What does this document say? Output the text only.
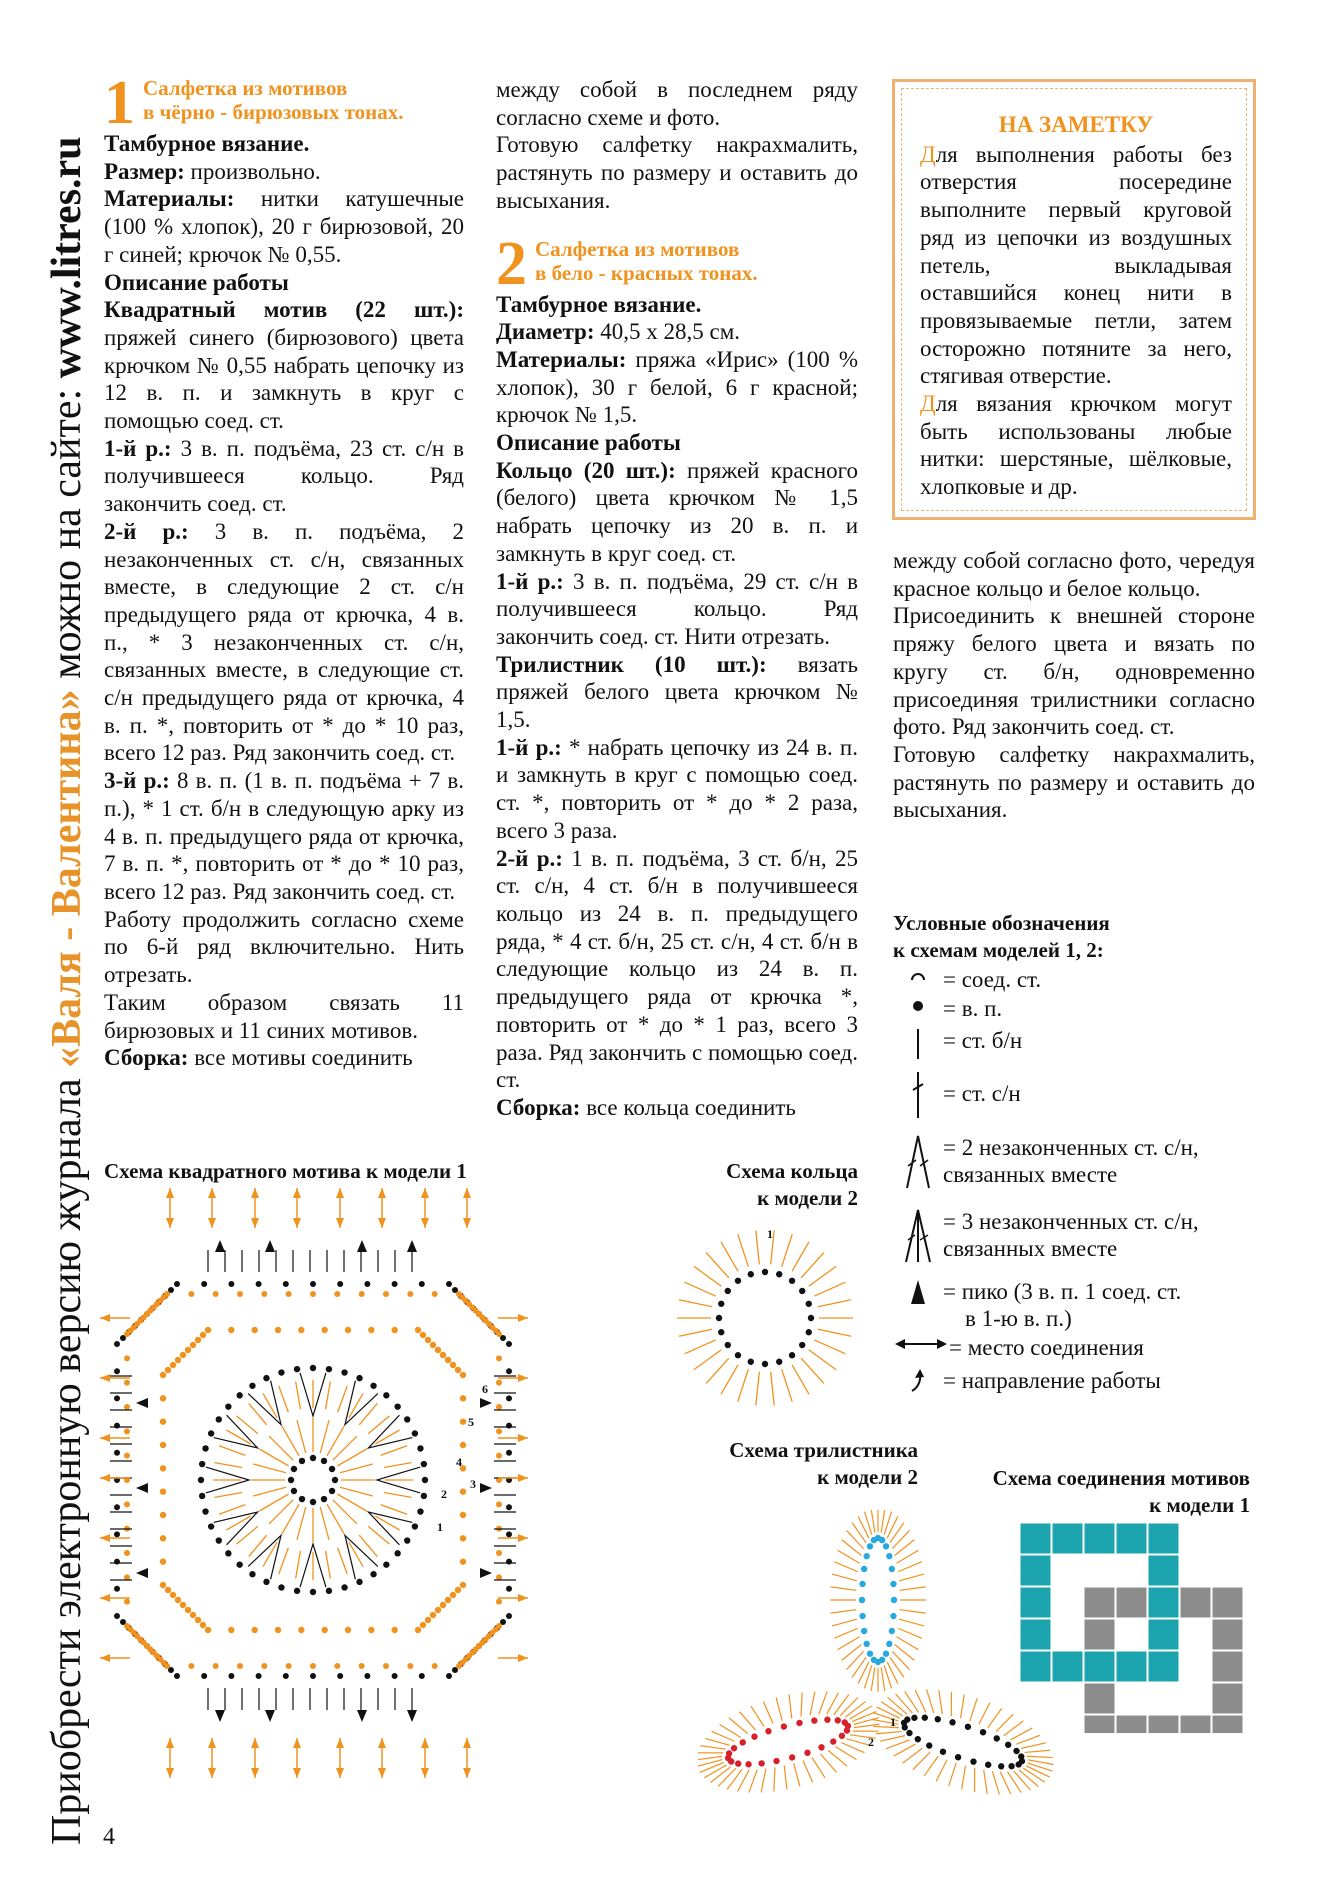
Приобрести электронную версию журнала «Валя - Валентина» можно на сайте: www.litres.ru
1 Салфетка из мотивов
в чёрно - бирюзовых тонах.

Тамбурное вязание.

Размер: произвольно.

Материалы: нитки катушечные (100 % хлопок), 20 г бирюзовой, 20 г синей; крючок № 0,55.

Описание работы

Квадратный мотив (22 шт.): пряжей синего (бирюзового) цвета крючком № 0,55 набрать цепочку из 12 в. п. и замкнуть в круг с помощью соед. ст.

1-й р.: 3 в. п. подъёма, 23 ст. с/н в получившееся кольцо. Ряд закончить соед. ст.

2-й р.: 3 в. п. подъёма, 2 незаконченных ст. с/н, связанных вместе, в следующие 2 ст. с/н предыдущего ряда от крючка, 4 в. п., * 3 незаконченных ст. с/н, связанных вместе, в следующие ст. с/н предыдущего ряда от крючка, 4 в. п. *, повторить от * до * 10 раз, всего 12 раз. Ряд закончить соед. ст.

3-й р.: 8 в. п. (1 в. п. подъёма + 7 в. п.), * 1 ст. б/н в следующую арку из 4 в. п. предыдущего ряда от крючка, 7 в. п. *, повторить от * до * 10 раз, всего 12 раз. Ряд закончить соед. ст.

Работу продолжить согласно схеме по 6-й ряд включительно. Нить отрезать.

Таким образом связать 11 бирюзовых и 11 синих мотивов.

Сборка: все мотивы соединить

между собой в последнем ряду согласно схеме и фото.

Готовую салфетку накрахмалить, растянуть по размеру и оставить до высыхания.

2 Салфетка из мотивов
в бело - красных тонах.

Тамбурное вязание.

Диаметр: 40,5 х 28,5 см.

Материалы: пряжа «Ирис» (100 % хлопок), 30 г белой, 6 г красной; крючок № 1,5.

Описание работы

Кольцо (20 шт.): пряжей красного (белого) цвета крючком № 1,5 набрать цепочку из 20 в. п. и замкнуть в круг соед. ст.

1-й р.: 3 в. п. подъёма, 29 ст. с/н в получившееся кольцо. Ряд закончить соед. ст. Нити отрезать.

Трилистник (10 шт.): вязать пряжей белого цвета крючком № 1,5.

1-й р.: * набрать цепочку из 24 в. п. и замкнуть в круг с помощью соед. ст. *, повторить от * до * 2 раза, всего 3 раза.

2-й р.: 1 в. п. подъёма, 3 ст. б/н, 25 ст. с/н, 4 ст. б/н в получившееся кольцо из 24 в. п. предыдущего ряда, * 4 ст. б/н, 25 ст. с/н, 4 ст. б/н в следующие кольцо из 24 в. п. предыдущего ряда от крючка *, повторить от * до * 1 раз, всего 3 раза. Ряд закончить с помощью соед. ст.

Сборка: все кольца соединить

НА ЗАМЕТКУ

Для выполнения работы без отверстия посередине выполните первый круговой ряд из цепочки из воздушных петель, выкладывая оставшийся конец нити в провязываемые петли, затем осторожно потяните за него, стягивая отверстие.

Для вязания крючком могут быть использованы любые нитки: шерстяные, шёлковые, хлопковые и др.

между собой согласно фото, чередуя красное кольцо и белое кольцо.

Присоединить к внешней стороне пряжу белого цвета и вязать по кругу ст. б/н, одновременно присоединяя трилистники согласно фото. Ряд закончить соед. ст.

Готовую салфетку накрахмалить, растянуть по размеру и оставить до высыхания.

Условные обозначения
к схемам моделей 1, 2:
= соед. ст.
= в. п.
= ст. б/н
= ст. с/н
= 2 незаконченных ст. с/н,
связанных вместе
= 3 незаконченных ст. с/н,
связанных вместе
= пико (3 в. п. 1 соед. ст.
в 1-ю в. п.)
= место соединения
= направление работы
Схема квадратного мотива к модели 1	Схема кольца
к модели 2
Схема трилистника
к модели 2	Схема соединения мотивов
к модели 1
1
2
3
4
5
6
1
1
2
4
